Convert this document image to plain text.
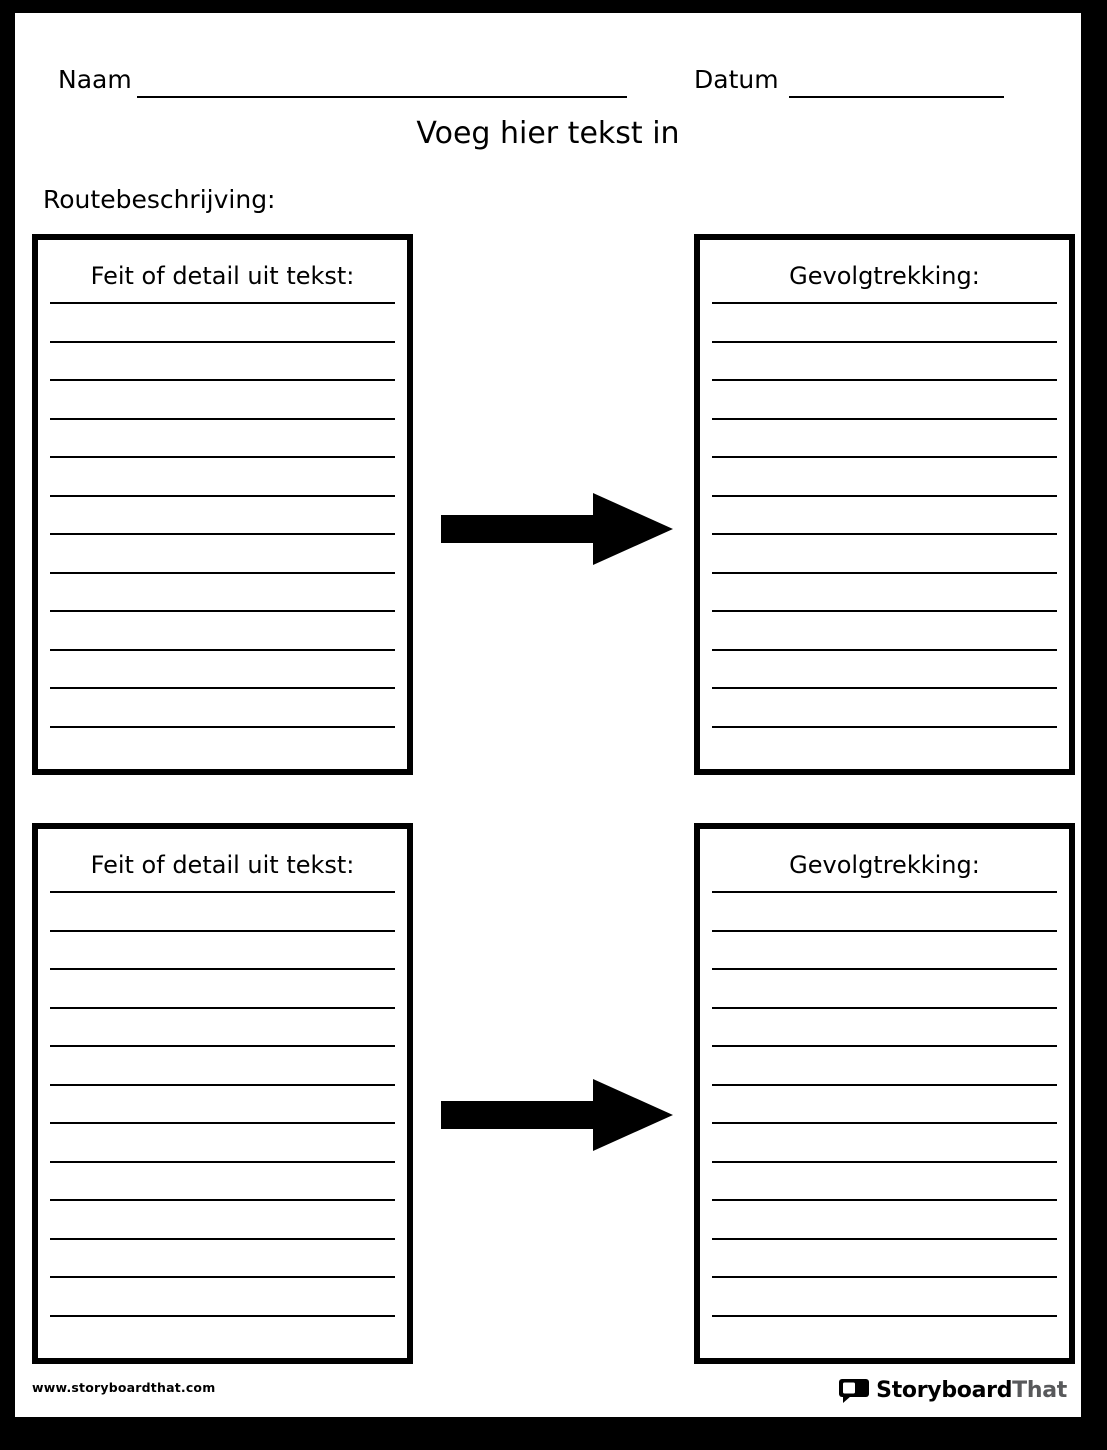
Naam	Datum
Voeg hier tekst in
Routebeschrijving:
Feit of detail uit tekst:	Gevolgtrekking:
Feit of detail uit tekst:	Gevolgtrekking:
www.storyboardthat.com	StoryboardThat
